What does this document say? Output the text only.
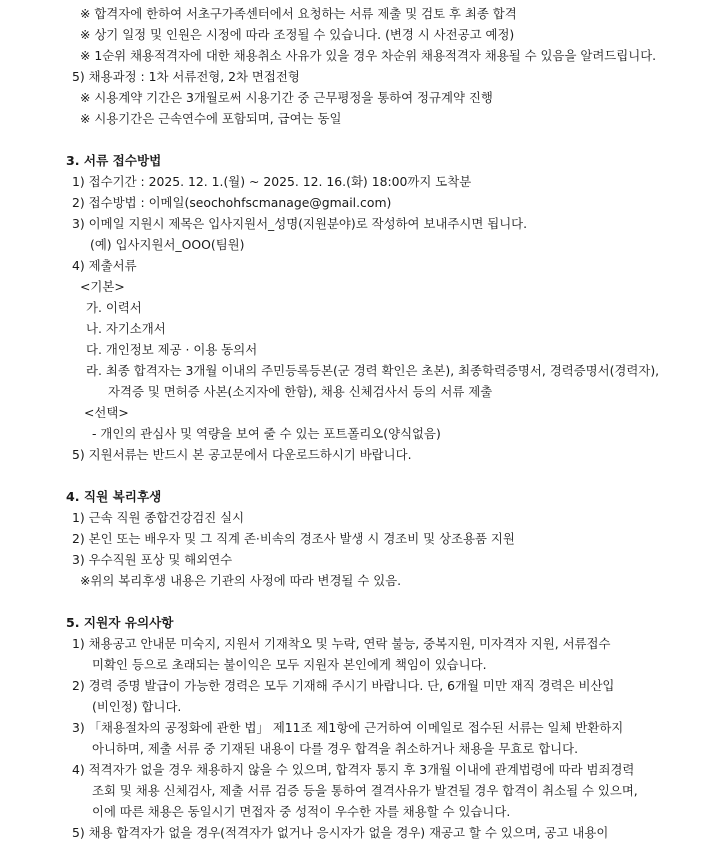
※ 합격자에 한하여 서초구가족센터에서 요청하는 서류 제출 및 검토 후 최종 합격
※ 상기 일정 및 인원은 시정에 따라 조정될 수 있습니다. (변경 시 사전공고 예정)
※ 1순위 채용적격자에 대한 채용취소 사유가 있을 경우 차순위 채용적격자 채용될 수 있음을 알려드립니다.
5) 채용과정 : 1차 서류전형, 2차 면접전형
※ 시용계약 기간은 3개월로써 시용기간 중 근무평정을 통하여 정규계약 진행
※ 시용기간은 근속연수에 포함되며, 급여는 동일
3. 서류 접수방법
1) 접수기간 : 2025. 12. 1.(월) ~ 2025. 12. 16.(화) 18:00까지 도착분
2) 접수방법 : 이메일(seochohfscmanage@gmail.com)
3) 이메일 지원시 제목은 입사지원서_성명(지원분야)로 작성하여 보내주시면 됩니다.
(예) 입사지원서_OOO(팀원)
4) 제출서류
<기본>
가. 이력서
나. 자기소개서
다. 개인정보 제공 · 이용 동의서
라. 최종 합격자는 3개월 이내의 주민등록등본(군 경력 확인은 초본), 최종학력증명서, 경력증명서(경력자),
자격증 및 면허증 사본(소지자에 한함), 채용 신체검사서 등의 서류 제출
<선택>
- 개인의 관심사 및 역량을 보여 줄 수 있는 포트폴리오(양식없음)
5) 지원서류는 반드시 본 공고문에서 다운로드하시기 바랍니다.
4. 직원 복리후생
1) 근속 직원 종합건강검진 실시
2) 본인 또는 배우자 및 그 직계 존·비속의 경조사 발생 시 경조비 및 상조용품 지원
3) 우수직원 포상 및 해외연수
※위의 복리후생 내용은 기관의 사정에 따라 변경될 수 있음.
5. 지원자 유의사항
1) 채용공고 안내문 미숙지, 지원서 기재착오 및 누락, 연락 불능, 중복지원, 미자격자 지원, 서류접수
미확인 등으로 초래되는 불이익은 모두 지원자 본인에게 책임이 있습니다.
2) 경력 증명 발급이 가능한 경력은 모두 기재해 주시기 바랍니다. 단, 6개월 미만 재직 경력은 비산입
(비인정) 합니다.
3) 「채용절차의 공정화에 관한 법」 제11조 제1항에 근거하여 이메일로 접수된 서류는 일체 반환하지
아니하며, 제출 서류 중 기재된 내용이 다를 경우 합격을 취소하거나 채용을 무효로 합니다.
4) 적격자가 없을 경우 채용하지 않을 수 있으며, 합격자 통지 후 3개월 이내에 관계법령에 따라 범죄경력
조회 및 채용 신체검사, 제출 서류 검증 등을 통하여 결격사유가 발견될 경우 합격이 취소될 수 있으며,
이에 따른 채용은 동일시기 면접자 중 성적이 우수한 자를 채용할 수 있습니다.
5) 채용 합격자가 없을 경우(적격자가 없거나 응시자가 없을 경우) 재공고 할 수 있으며, 공고 내용이
